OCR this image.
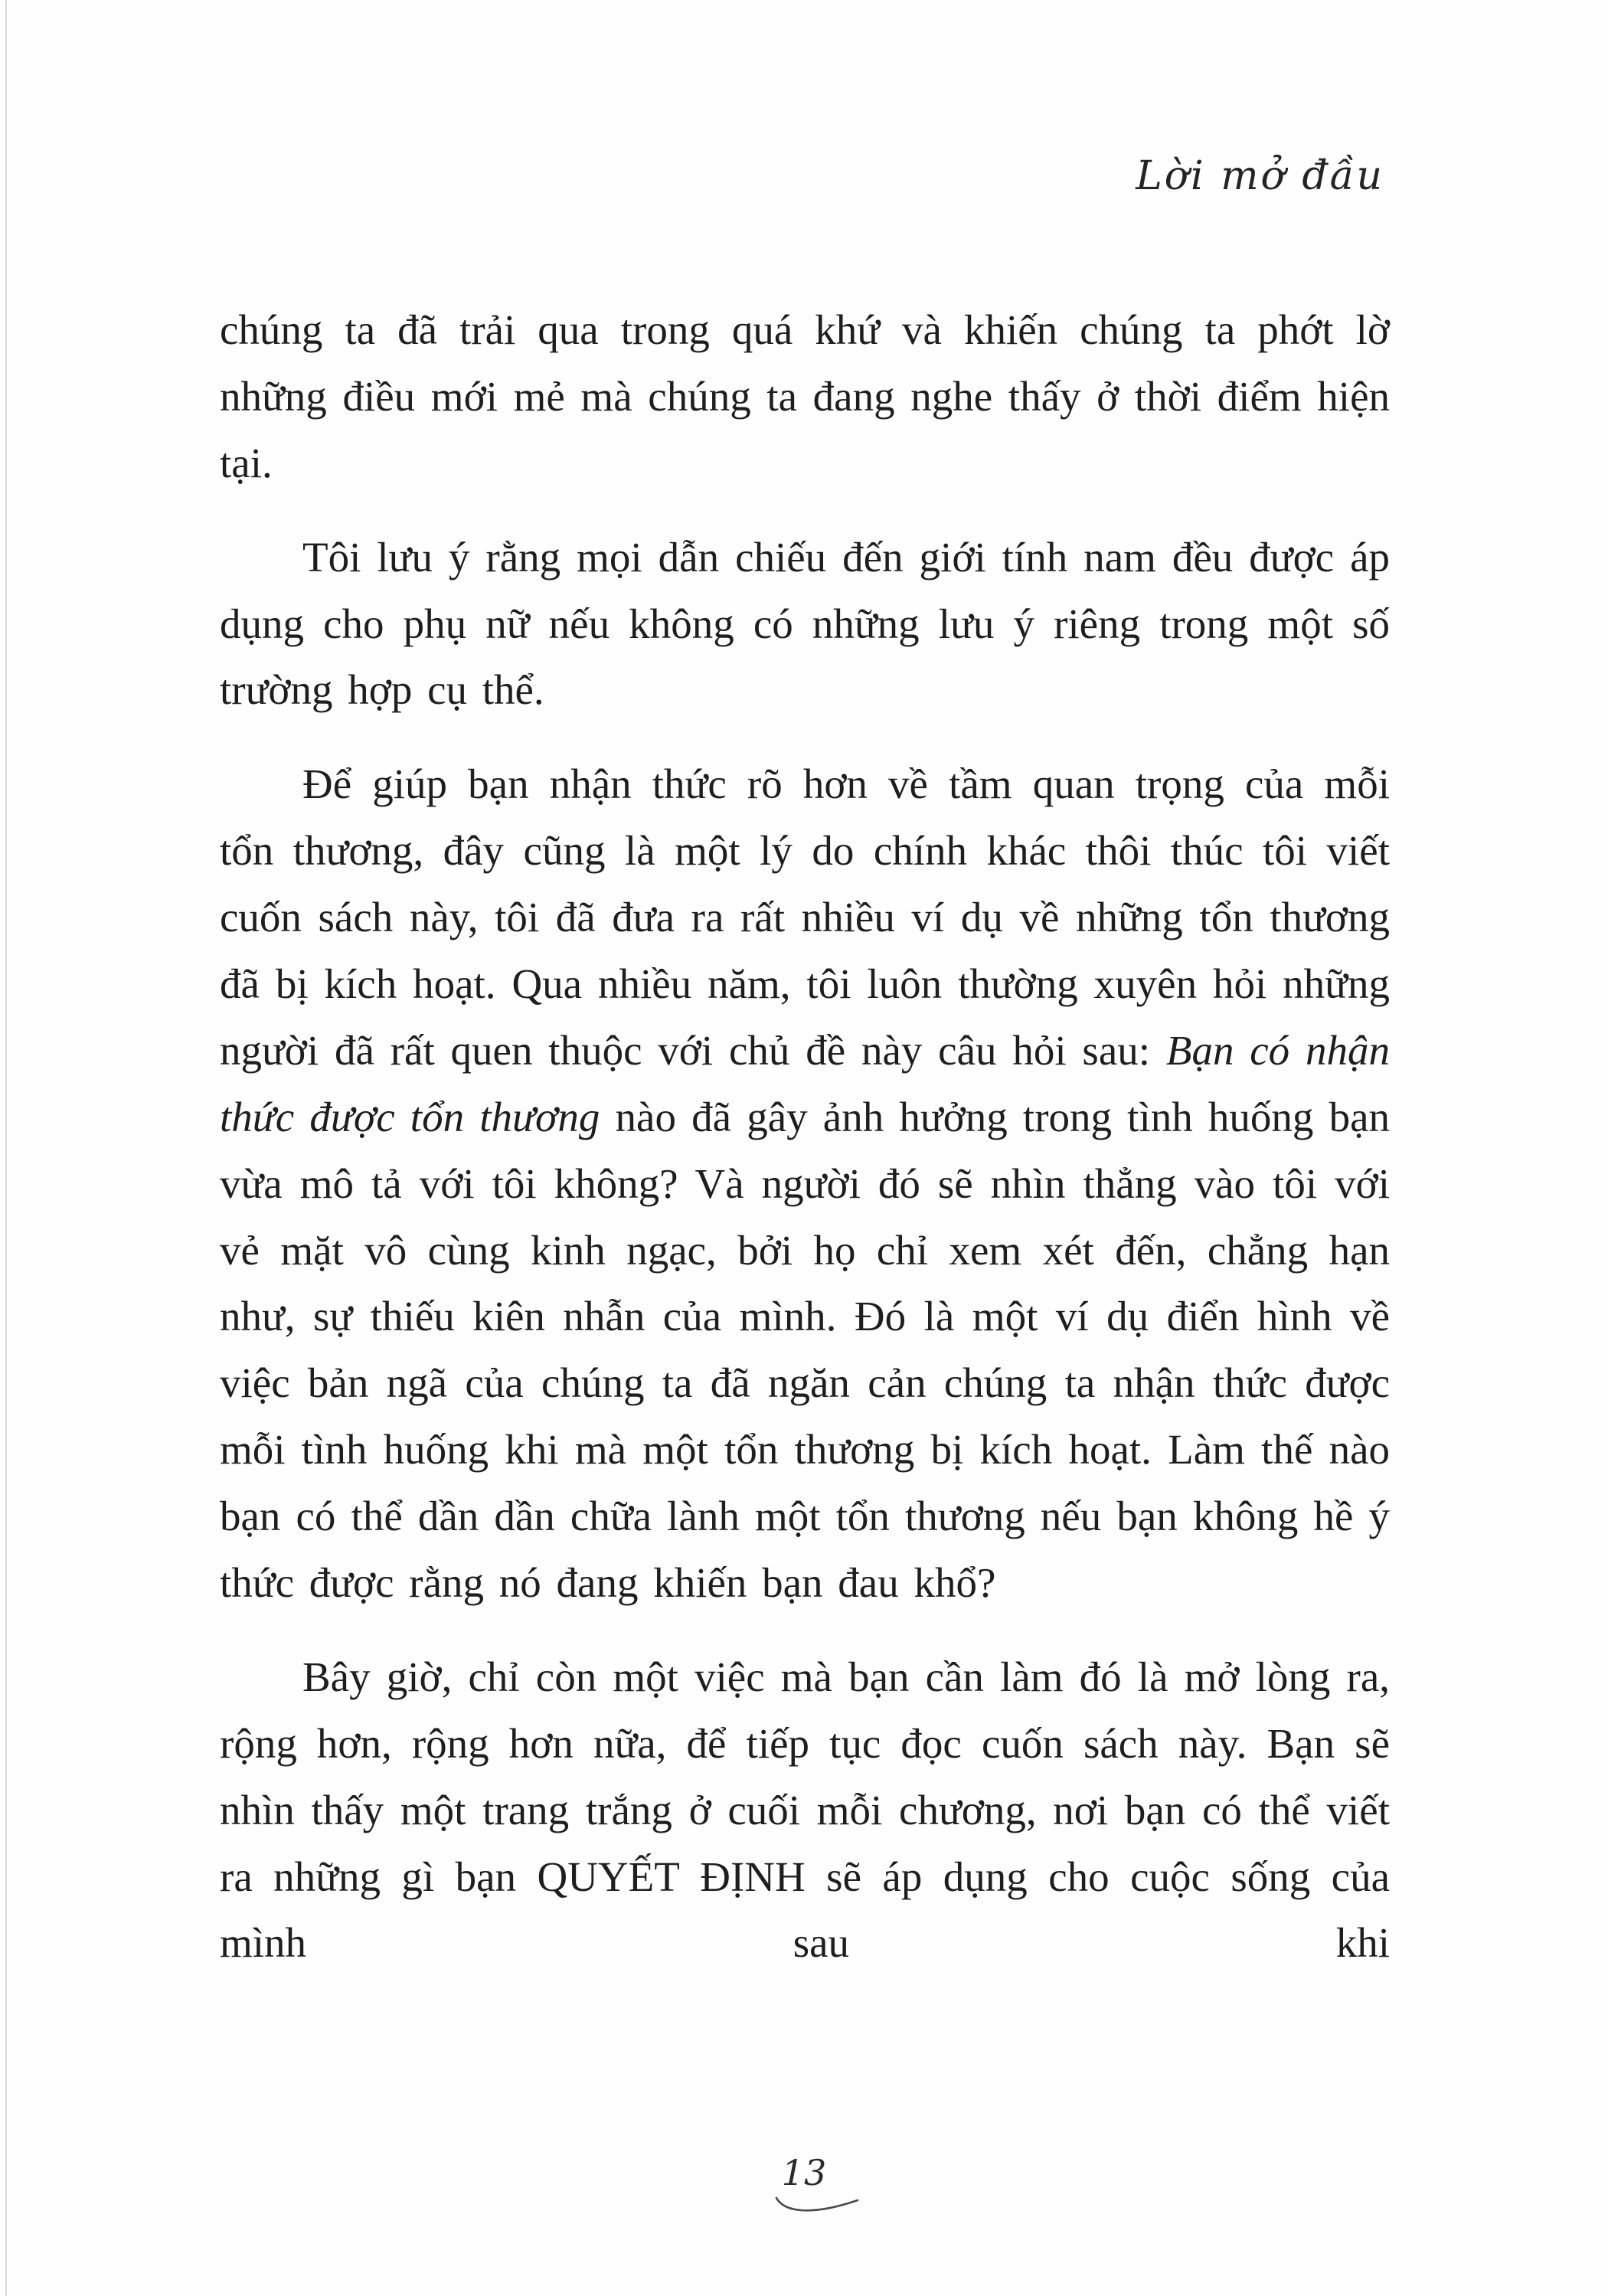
Lời mở đầu

chúng ta đã trải qua trong quá khứ và khiến chúng ta phớt lờ những điều mới mẻ mà chúng ta đang nghe thấy ở thời điểm hiện tại.

Tôi lưu ý rằng mọi dẫn chiếu đến giới tính nam đều được áp dụng cho phụ nữ nếu không có những lưu ý riêng trong một số trường hợp cụ thể.

Để giúp bạn nhận thức rõ hơn về tầm quan trọng của mỗi tổn thương, đây cũng là một lý do chính khác thôi thúc tôi viết cuốn sách này, tôi đã đưa ra rất nhiều ví dụ về những tổn thương đã bị kích hoạt. Qua nhiều năm, tôi luôn thường xuyên hỏi những người đã rất quen thuộc với chủ đề này câu hỏi sau: Bạn có nhận thức được tổn thương nào đã gây ảnh hưởng trong tình huống bạn vừa mô tả với tôi không? Và người đó sẽ nhìn thẳng vào tôi với vẻ mặt vô cùng kinh ngạc, bởi họ chỉ xem xét đến, chẳng hạn như, sự thiếu kiên nhẫn của mình. Đó là một ví dụ điển hình về việc bản ngã của chúng ta đã ngăn cản chúng ta nhận thức được mỗi tình huống khi mà một tổn thương bị kích hoạt. Làm thế nào bạn có thể dần dần chữa lành một tổn thương nếu bạn không hề ý thức được rằng nó đang khiến bạn đau khổ?

Bây giờ, chỉ còn một việc mà bạn cần làm đó là mở lòng ra, rộng hơn, rộng hơn nữa, để tiếp tục đọc cuốn sách này. Bạn sẽ nhìn thấy một trang trắng ở cuối mỗi chương, nơi bạn có thể viết ra những gì bạn QUYẾT ĐỊNH sẽ áp dụng cho cuộc sống của mình sau khi

13
